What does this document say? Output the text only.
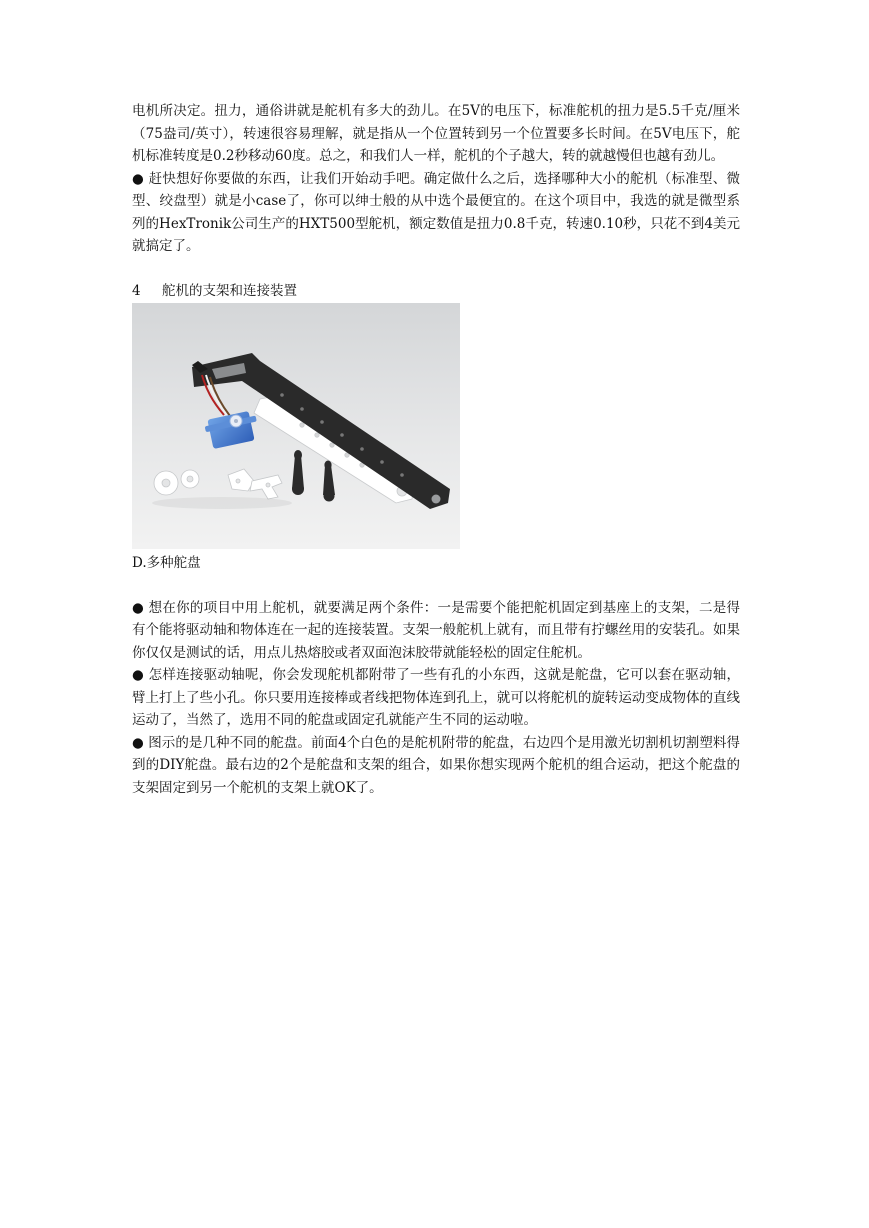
电机所决定。扭力，通俗讲就是舵机有多大的劲儿。在5V的电压下，标准舵机的扭力是5.5千克/厘米（75盎司/英寸），转速很容易理解，就是指从一个位置转到另一个位置要多长时间。在5V电压下，舵机标准转度是0.2秒移动60度。总之，和我们人一样，舵机的个子越大，转的就越慢但也越有劲儿。

● 赶快想好你要做的东西，让我们开始动手吧。确定做什么之后，选择哪种大小的舵机（标准型、微型、绞盘型）就是小case了，你可以绅士般的从中选个最便宜的。在这个项目中，我选的就是微型系列的HexTronik公司生产的HXT500型舵机，额定数值是扭力0.8千克，转速0.10秒，只花不到4美元就搞定了。

4 舵机的支架和连接装置

D.多种舵盘

● 想在你的项目中用上舵机，就要满足两个条件：一是需要个能把舵机固定到基座上的支架，二是得有个能将驱动轴和物体连在一起的连接装置。支架一般舵机上就有，而且带有拧螺丝用的安装孔。如果你仅仅是测试的话，用点儿热熔胶或者双面泡沫胶带就能轻松的固定住舵机。

● 怎样连接驱动轴呢，你会发现舵机都附带了一些有孔的小东西，这就是舵盘，它可以套在驱动轴，臂上打上了些小孔。你只要用连接棒或者线把物体连到孔上，就可以将舵机的旋转运动变成物体的直线运动了，当然了，选用不同的舵盘或固定孔就能产生不同的运动啦。

● 图示的是几种不同的舵盘。前面4个白色的是舵机附带的舵盘，右边四个是用激光切割机切割塑料得到的DIY舵盘。最右边的2个是舵盘和支架的组合，如果你想实现两个舵机的组合运动，把这个舵盘的支架固定到另一个舵机的支架上就OK了。
